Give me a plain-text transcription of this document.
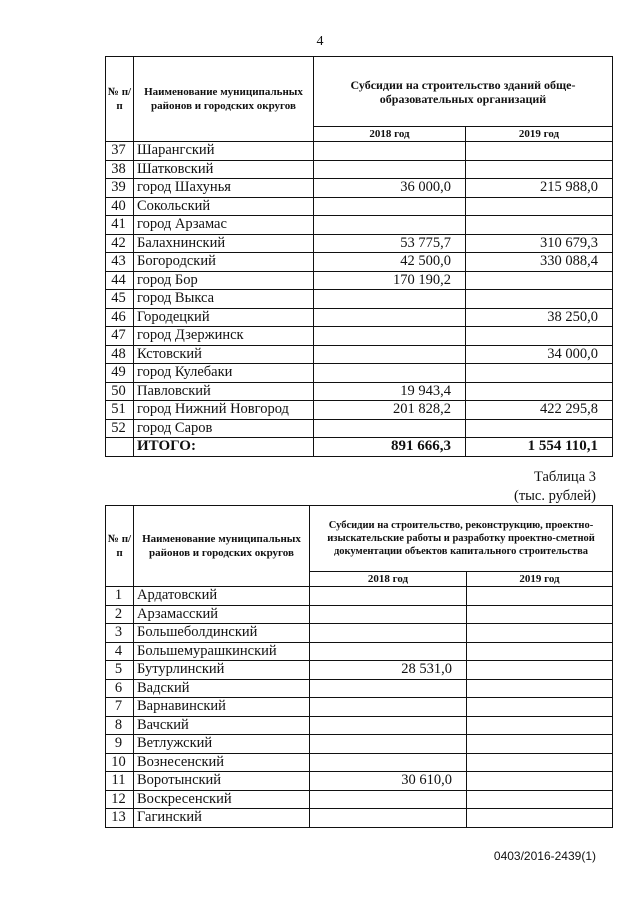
4
№ п/п	Наименование муниципальных районов и городских округов	Субсидии на строительство зданий обще-образовательных организаций	
		2018 год	2019 год
37	Шарангский		
38	Шатковский		
39	город Шахунья	36 000,0	215 988,0
40	Сокольский		
41	город Арзамас		
42	Балахнинский	53 775,7	310 679,3
43	Богородский	42 500,0	330 088,4
44	город Бор	170 190,2	
45	город Выкса		
46	Городецкий		38 250,0
47	город Дзержинск		
48	Кстовский		34 000,0
49	город Кулебаки		
50	Павловский	19 943,4	
51	город Нижний Новгород	201 828,2	422 295,8
52	город Саров		
	ИТОГО:	891 666,3	1 554 110,1
Таблица 3
(тыс. рублей)
№ п/п	Наименование муниципальных районов и городских округов	Субсидии на строительство, реконструкцию, проектно-изыскательские работы и разработку проектно-сметной документации объектов капитального строительства	
		2018 год	2019 год
1	Ардатовский		
2	Арзамасский		
3	Большеболдинский		
4	Большемурашкинский		
5	Бутурлинский	28 531,0	
6	Вадский		
7	Варнавинский		
8	Вачский		
9	Ветлужский		
10	Вознесенский		
11	Воротынский	30 610,0	
12	Воскресенский		
13	Гагинский		
0403/2016-2439(1)
